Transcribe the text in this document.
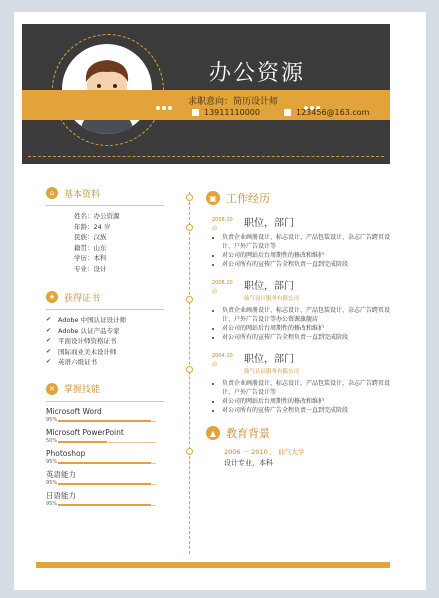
办公资源
求职意向：简历设计师
13911110000	123456@163.com
⌂	基本资料
姓名：办公资源
年龄：24 岁
民族：汉族
籍贯：山东
学历：本科
专业：设计
★ 获得证书
✔ Adobe 中国认证设计师
✔ Adobe 认证产品专家
✔ 平面设计师资格证书
✔ 国际商业美术设计师
✔ 英语六级证书
✕	掌握技能
Microsoft Word
95%
Microsoft PowerPoint
50%
Photoshop
95%
英语能力
95%
日语能力
95%
▣ 工作经历
2008.10 前	职位，部门
• 负责企业画册设计、标志设计、产品包装设计、杂志广告跨页设计、户外广告设计等
• 对公司的网站后台周期性的修改和维护
• 对公司所有的宣传广告全程负责一直到完成阶段
2008.10 前	职位，部门
仙气设计服务有限公司
• 负责企业画册设计、标志设计、产品包装设计、杂志广告跨页设计、户外广告设计等办公资源旗舰店
• 对公司的网站后台周期性的修改和维护
• 对公司所有的宣传广告全程负责一直到完成阶段
2004.10 前	职位，部门
仙气认证服务有限公司
• 负责企业画册设计、标志设计、产品包装设计、杂志广告跨页设计、户外广告设计等
• 对公司的网站后台周期性的修改和维护
• 对公司所有的宣传广告全程负责一直到完成阶段
▲ 教育背景
2006 － 2010 ， 仙气大学
设计专业，本科
